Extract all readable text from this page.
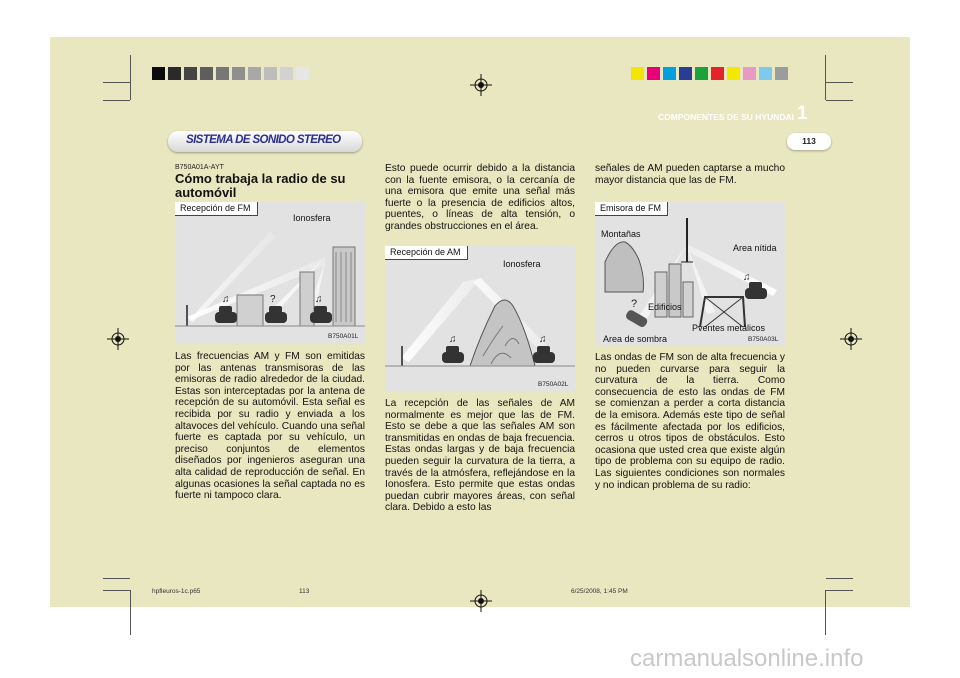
SISTEMA DE SONIDO STEREO
COMPONENTES DE SU HYUNDAI 1
113
B750A01A-AYT
Cómo trabaja la radio de su automóvil
♫	♫
?
Recepción de FM
Ionosfera
B750A01L

Las frecuencias AM y FM son emitidas por las antenas transmisoras de las emisoras de radio alrededor de la ciudad. Estas son interceptadas por la antena de recepción de su automóvil. Esta señal es recibida por su radio y enviada a los altavoces del vehículo. Cuando una señal fuerte es captada por su vehículo, un preciso conjuntos de elementos diseñados por ingenieros aseguran una alta calidad de reproducción de señal. En algunas ocasiones la señal captada no es fuerte ni tampoco clara.

Esto puede ocurrir debido a la distancia con la fuente emisora, o la cercanía de una emisora que emite una señal más fuerte o la presencia de edificios altos, puentes, o líneas de alta tensión, o grandes obstrucciones en el área.

♫	♫
Recepción de AM
Ionosfera
B750A02L

La recepción de las señales de AM normalmente es mejor que las de FM. Esto se debe a que las señales AM son transmitidas en ondas de baja frecuencia. Estas ondas largas y de baja frecuencia pueden seguir la curvatura de la tierra, a través de la atmósfera, reflejándose en la Ionosfera. Esto permite que estas ondas puedan cubrir mayores áreas, con señal clara. Debido a esto las

señales de AM pueden captarse a mucho mayor distancia que las de FM.

♫
?
Emisora de FM
Montañas
Area nítida
Edificios
Pventes metálicos
Area de sombra	B750A03L

Las ondas de FM son de alta frecuencia y no pueden curvarse para seguir la curvatura de la tierra. Como consecuencia de esto las ondas de FM se comienzan a perder a corta distancia de la emisora. Además este tipo de señal es fácilmente afectada por los edificios, cerros u otros tipos de obstáculos. Esto ocasiona que usted crea que existe algún tipo de problema con su equipo de radio. Las siguientes condiciones son normales y no indican problema de su radio:

hpfleuros-1c.p65	113	6/25/2008, 1:45 PM
carmanualsonline.info
